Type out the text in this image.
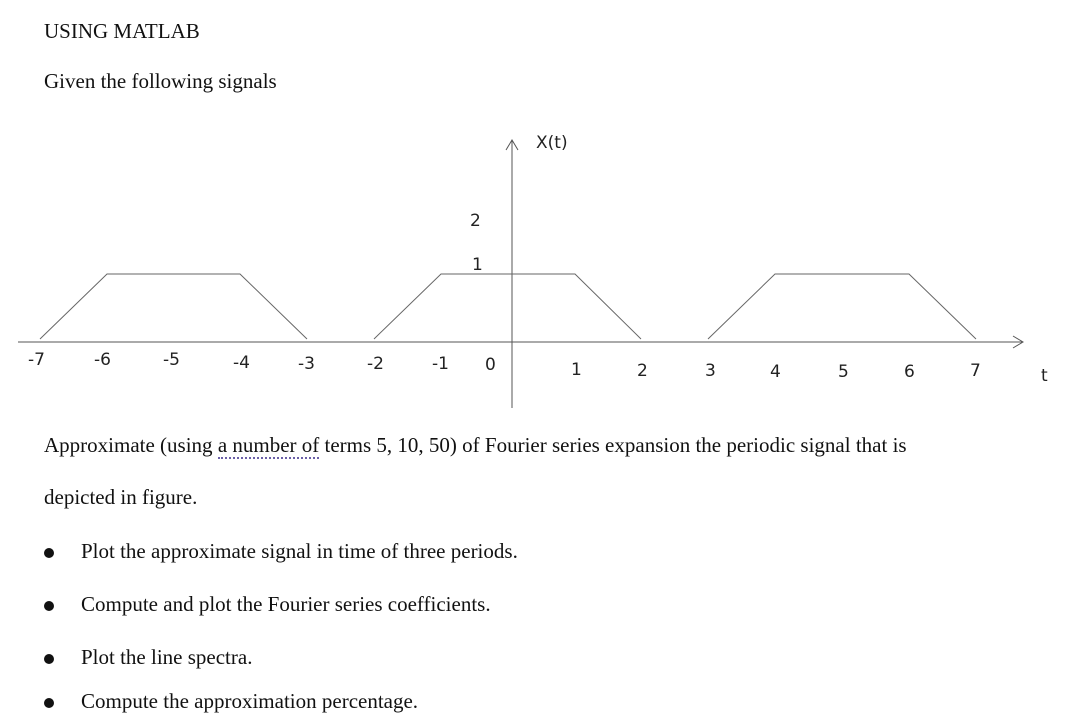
USING MATLAB
Given the following signals
X(t)
t
2
1
-7	-6	-5	-4	-3	-2	-1 0	1	2	3	4	5	6	7
Approximate (using a number of terms 5, 10, 50) of Fourier series expansion the periodic signal that is
depicted in figure.
Plot the approximate signal in time of three periods.
Compute and plot the Fourier series coefficients.
Plot the line spectra.
Compute the approximation percentage.
